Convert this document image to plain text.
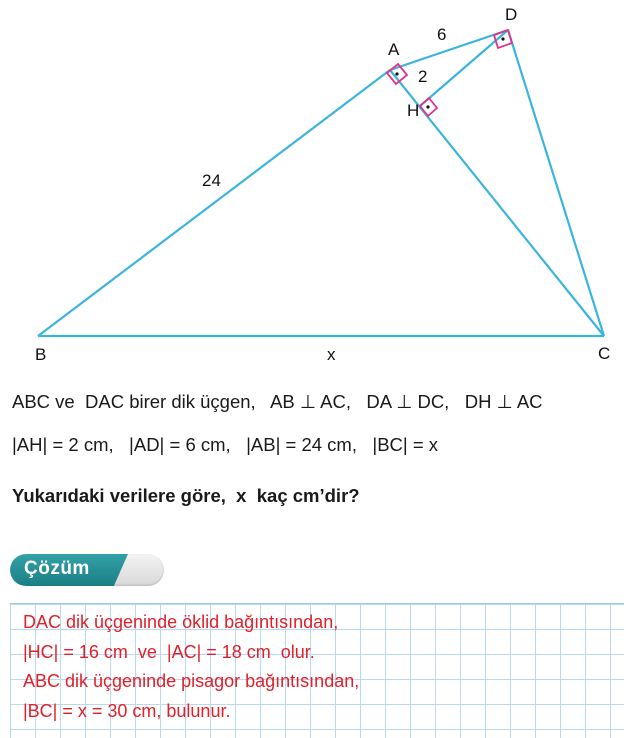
A
B	C
D
H
6
2
24
x
ABC ve  DAC birer dik üçgen,   AB ⊥ AC,   DA ⊥ DC,   DH ⊥ AC
|AH| = 2 cm,   |AD| = 6 cm,   |AB| = 24 cm,   |BC| = x
Yukarıdaki verilere göre,  x  kaç cm’dir?
Çözüm
DAC dik üçgeninde öklid bağıntısından,
|HC| = 16 cm  ve  |AC| = 18 cm  olur.
ABC dik üçgeninde pisagor bağıntısından,
|BC| = x = 30 cm, bulunur.
